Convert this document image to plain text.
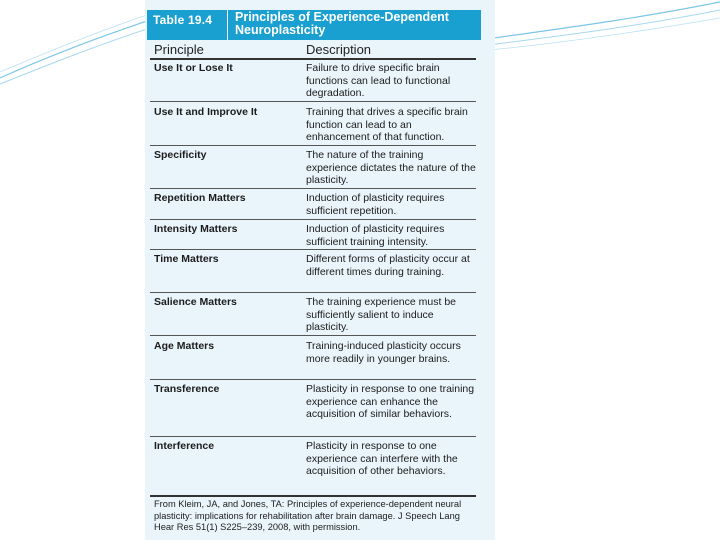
Table 19.4 Principles of Experience-Dependent Neuroplasticity
Principle	Description
Use It or Lose It	Failure to drive specific brain functions can lead to functional degradation.
Use It and Improve It	Training that drives a specific brain function can lead to an enhancement of that function.
Specificity	The nature of the training experience dictates the nature of the plasticity.
Repetition Matters	Induction of plasticity requires sufficient repetition.
Intensity Matters	Induction of plasticity requires sufficient training intensity.
Time Matters	Different forms of plasticity occur at different times during training.
Salience Matters	The training experience must be sufficiently salient to induce plasticity.
Age Matters	Training-induced plasticity occurs more readily in younger brains.
Transference	Plasticity in response to one training experience can enhance the acquisition of similar behaviors.
Interference	Plasticity in response to one experience can interfere with the acquisition of other behaviors.
From Kleim, JA, and Jones, TA: Principles of experience-dependent neural plasticity: implications for rehabilitation after brain damage. J Speech Lang Hear Res 51(1) S225–239, 2008, with permission.
